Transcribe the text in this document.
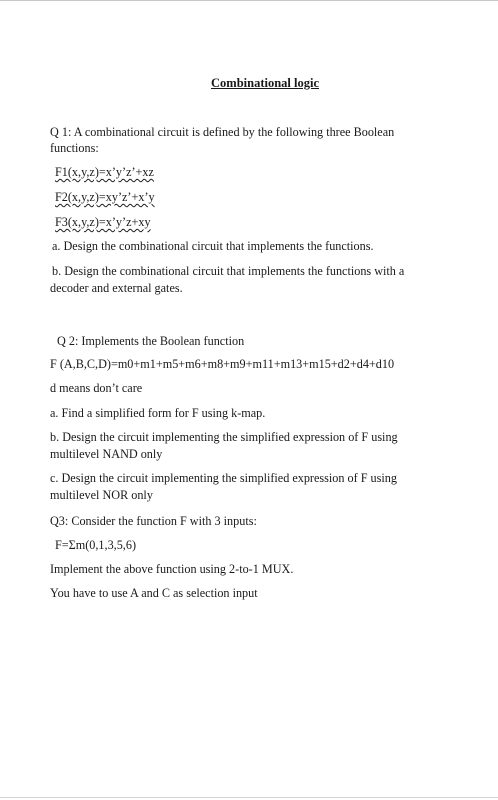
Combinational logic
Q 1: A combinational circuit is defined by the following three Boolean
functions:
F1(x,y,z)=x’y’z’+xz
F2(x,y,z)=xy’z’+x’y
F3(x,y,z)=x’y’z+xy
a. Design the combinational circuit that implements the functions.
b. Design the combinational circuit that implements the functions with a
decoder and external gates.
Q 2: Implements the Boolean function
F (A,B,C,D)=m0+m1+m5+m6+m8+m9+m11+m13+m15+d2+d4+d10
d means don’t care
a. Find a simplified form for F using k-map.
b. Design the circuit implementing the simplified expression of F using
multilevel NAND only
c. Design the circuit implementing the simplified expression of F using
multilevel NOR only
Q3: Consider the function F with 3 inputs:
F=Σm(0,1,3,5,6)
Implement the above function using 2-to-1 MUX.
You have to use A and C as selection input
